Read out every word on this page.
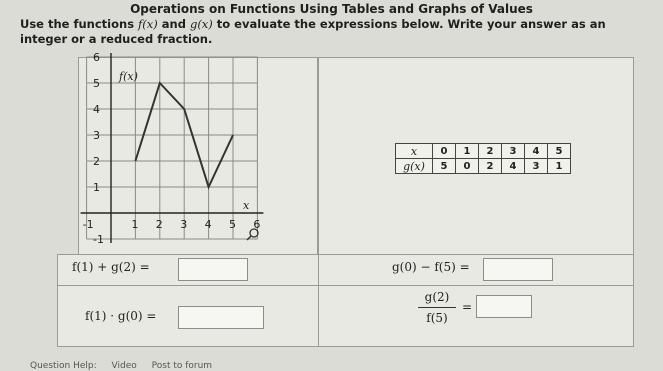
Operations on Functions Using Tables and Graphs of Values
Use the functions f(x) and g(x) to evaluate the expressions below. Write your answer as an integer or a reduced fraction.
-1	1 2 3 4 5 6
-1
1
2
3
4
5
6
f(x)
x
x	0	1	2	3	4	5
g(x)	5	0	2	4	3	1
f(1) + g(2) =	g(0) − f(5) =
f(1) · g(0) =
g(2)
f(5)
=
Question Help: Video Post to forum
